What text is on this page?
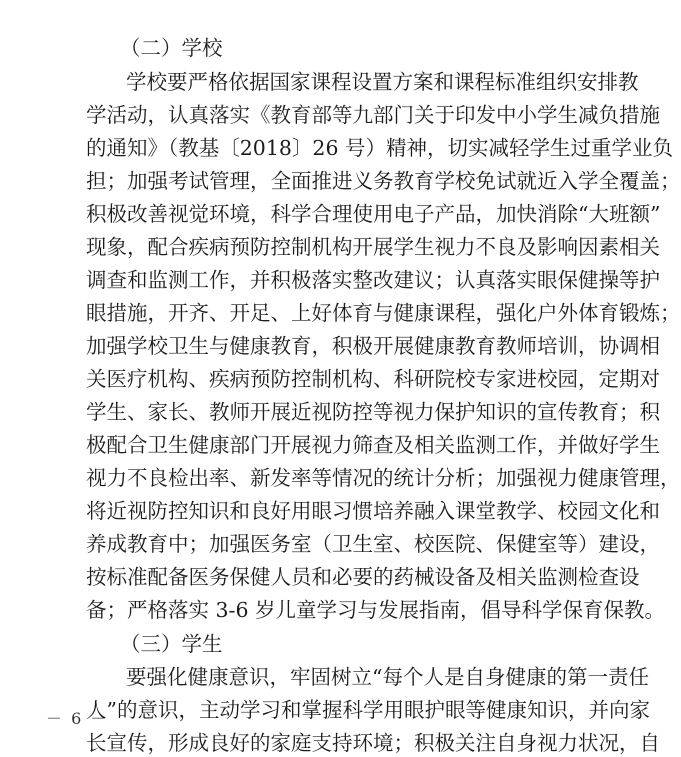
（二）学校
学校要严格依据国家课程设置方案和课程标准组织安排教
学活动，认真落实《教育部等九部门关于印发中小学生减负措施
的通知》（教基〔2018〕26 号）精神，切实减轻学生过重学业负
担；加强考试管理，全面推进义务教育学校免试就近入学全覆盖；
积极改善视觉环境，科学合理使用电子产品，加快消除“大班额”
现象，配合疾病预防控制机构开展学生视力不良及影响因素相关
调查和监测工作，并积极落实整改建议；认真落实眼保健操等护
眼措施，开齐、开足、上好体育与健康课程，强化户外体育锻炼；
加强学校卫生与健康教育，积极开展健康教育教师培训，协调相
关医疗机构、疾病预防控制机构、科研院校专家进校园，定期对
学生、家长、教师开展近视防控等视力保护知识的宣传教育；积
极配合卫生健康部门开展视力筛查及相关监测工作，并做好学生
视力不良检出率、新发率等情况的统计分析；加强视力健康管理，
将近视防控知识和良好用眼习惯培养融入课堂教学、校园文化和
养成教育中；加强医务室（卫生室、校医院、保健室等）建设，
按标准配备医务保健人员和必要的药械设备及相关监测检查设
备；严格落实 3-6 岁儿童学习与发展指南，倡导科学保育保教。
（三）学生
要强化健康意识，牢固树立“每个人是自身健康的第一责任
人”的意识，主动学习和掌握科学用眼护眼等健康知识，并向家
长宣传，形成良好的家庭支持环境；积极关注自身视力状况，自
－ 6 －
